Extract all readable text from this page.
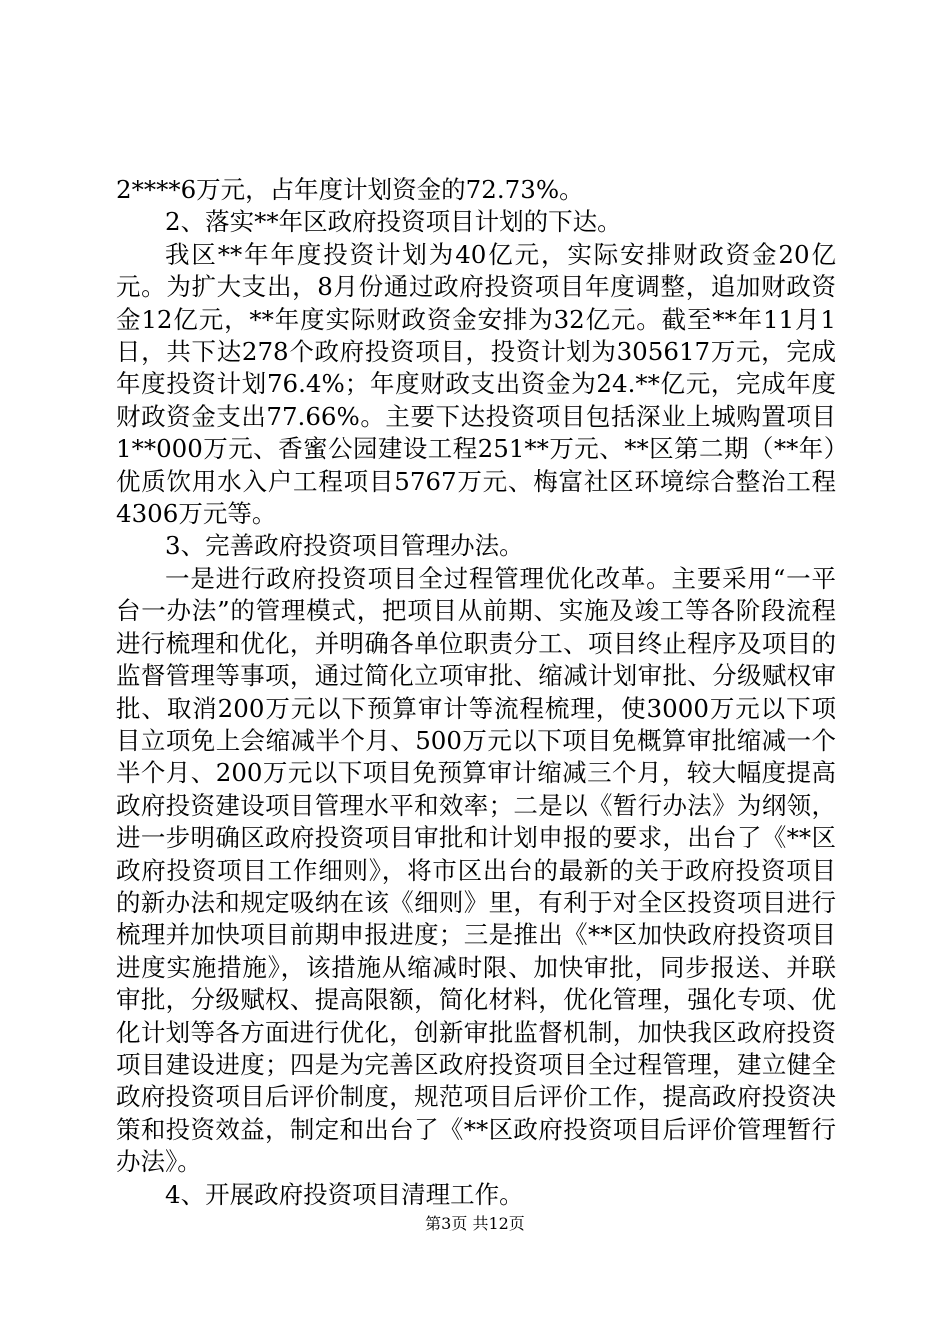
2****6万元，占年度计划资金的72.73%。

2、落实**年区政府投资项目计划的下达。

我区**年年度投资计划为40亿元，实际安排财政资金20亿元。为扩大支出，8月份通过政府投资项目年度调整，追加财政资金12亿元，**年度实际财政资金安排为32亿元。截至**年11月1日，共下达278个政府投资项目，投资计划为305617万元，完成年度投资计划76.4%；年度财政支出资金为24.**亿元，完成年度财政资金支出77.66%。主要下达投资项目包括深业上城购置项目1**000万元、香蜜公园建设工程251**万元、**区第二期（**年）优质饮用水入户工程项目5767万元、梅富社区环境综合整治工程4306万元等。

3、完善政府投资项目管理办法。

一是进行政府投资项目全过程管理优化改革。主要采用“一平台一办法”的管理模式，把项目从前期、实施及竣工等各阶段流程进行梳理和优化，并明确各单位职责分工、项目终止程序及项目的监督管理等事项，通过简化立项审批、缩减计划审批、分级赋权审批、取消200万元以下预算审计等流程梳理，使3000万元以下项目立项免上会缩减半个月、500万元以下项目免概算审批缩减一个半个月、200万元以下项目免预算审计缩减三个月，较大幅度提高政府投资建设项目管理水平和效率；二是以《暂行办法》为纲领，进一步明确区政府投资项目审批和计划申报的要求，出台了《**区政府投资项目工作细则》，将市区出台的最新的关于政府投资项目的新办法和规定吸纳在该《细则》里，有利于对全区投资项目进行梳理并加快项目前期申报进度；三是推出《**区加快政府投资项目进度实施措施》，该措施从缩减时限、加快审批，同步报送、并联审批，分级赋权、提高限额，简化材料，优化管理，强化专项、优化计划等各方面进行优化，创新审批监督机制，加快我区政府投资项目建设进度；四是为完善区政府投资项目全过程管理，建立健全政府投资项目后评价制度，规范项目后评价工作，提高政府投资决策和投资效益，制定和出台了《**区政府投资项目后评价管理暂行办法》。

4、开展政府投资项目清理工作。

第3页 共12页
